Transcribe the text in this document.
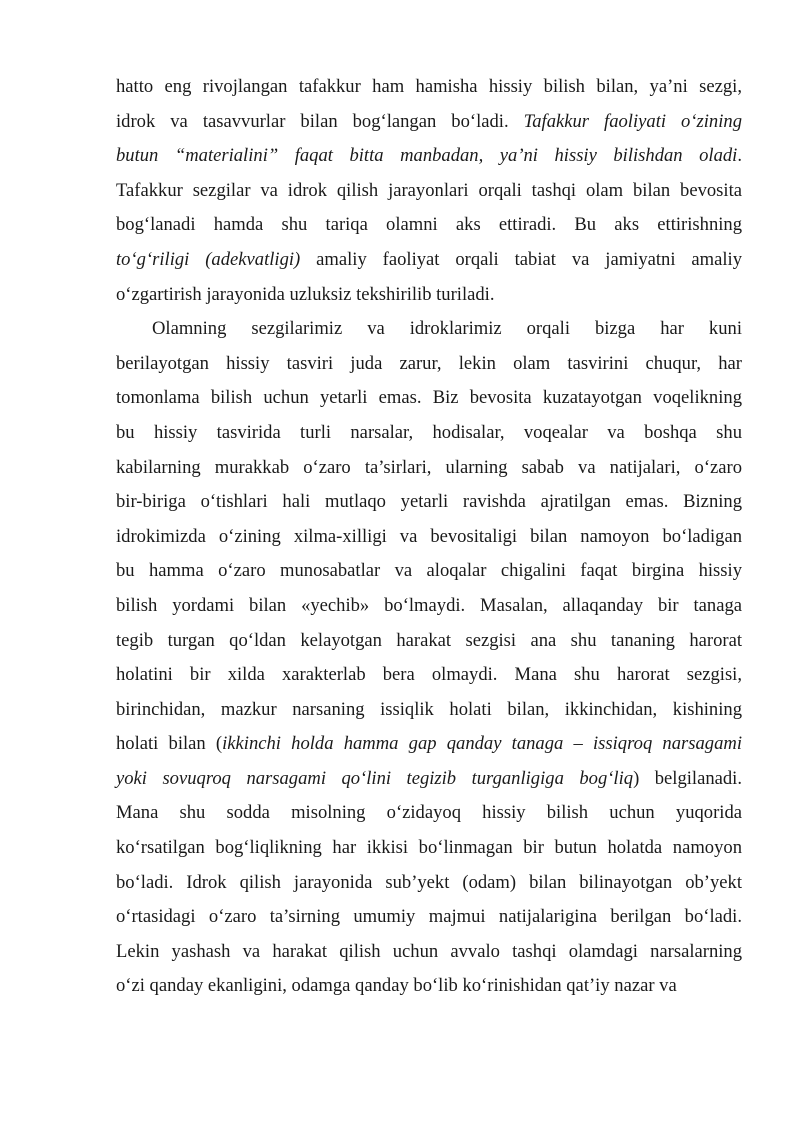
hatto eng rivojlangan tafakkur ham hamisha hissiy bilish bilan, ya’ni sezgi,
idrok va tasavvurlar bilan bog‘langan bo‘ladi. Tafakkur faoliyati o‘zining
butun “materialini” faqat bitta manbadan, ya’ni hissiy bilishdan oladi.
Tafakkur sezgilar va idrok qilish jarayonlari orqali tashqi olam bilan bevosita
bog‘lanadi hamda shu tariqa olamni aks ettiradi. Bu aks ettirishning
to‘g‘riligi (adekvatligi) amaliy faoliyat orqali tabiat va jamiyatni amaliy
o‘zgartirish jarayonida uzluksiz tekshirilib turiladi.
Olamning sezgilarimiz va idroklarimiz orqali bizga har kuni
berilayotgan hissiy tasviri juda zarur, lekin olam tasvirini chuqur, har
tomonlama bilish uchun yetarli emas. Biz bevosita kuzatayotgan voqelikning
bu hissiy tasvirida turli narsalar, hodisalar, voqealar va boshqa shu
kabilarning murakkab o‘zaro ta’sirlari, ularning sabab va natijalari, o‘zaro
bir-biriga o‘tishlari hali mutlaqo yetarli ravishda ajratilgan emas. Bizning
idrokimizda o‘zining xilma-xilligi va bevositaligi bilan namoyon bo‘ladigan
bu hamma o‘zaro munosabatlar va aloqalar chigalini faqat birgina hissiy
bilish yordami bilan «yechib» bo‘lmaydi. Masalan, allaqanday bir tanaga
tegib turgan qo‘ldan kelayotgan harakat sezgisi ana shu tananing harorat
holatini bir xilda xarakterlab bera olmaydi. Mana shu harorat sezgisi,
birinchidan, mazkur narsaning issiqlik holati bilan, ikkinchidan, kishining
holati bilan (ikkinchi holda hamma gap qanday tanaga – issiqroq narsagami
yoki sovuqroq narsagami qo‘lini tegizib turganligiga bog‘liq) belgilanadi.
Mana shu sodda misolning o‘zidayoq hissiy bilish uchun yuqorida
ko‘rsatilgan bog‘liqlikning har ikkisi bo‘linmagan bir butun holatda namoyon
bo‘ladi. Idrok qilish jarayonida sub’yekt (odam) bilan bilinayotgan ob’yekt
o‘rtasidagi o‘zaro ta’sirning umumiy majmui natijalarigina berilgan bo‘ladi.
Lekin yashash va harakat qilish uchun avvalo tashqi olamdagi narsalarning
o‘zi qanday ekanligini, odamga qanday bo‘lib ko‘rinishidan qat’iy nazar va
